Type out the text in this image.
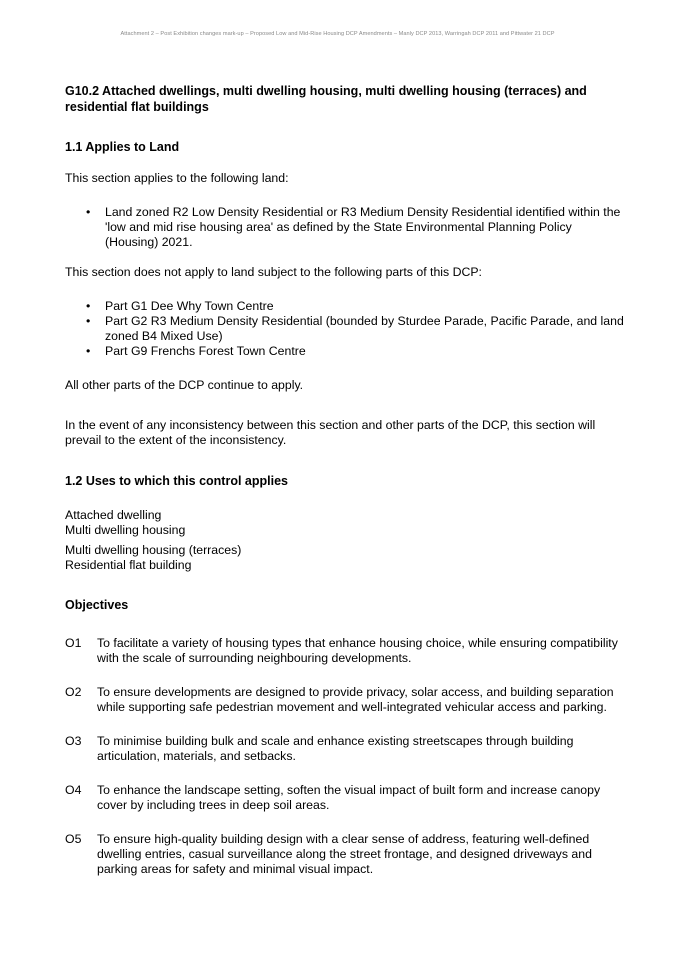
Attachment 2 – Post Exhibition changes mark-up – Proposed Low and Mid-Rise Housing DCP Amendments – Manly DCP 2013, Warringah DCP 2011 and Pittwater 21 DCP

G10.2 Attached dwellings, multi dwelling housing, multi dwelling housing (terraces) and residential flat buildings

1.1 Applies to Land

This section applies to the following land:

• Land zoned R2 Low Density Residential or R3 Medium Density Residential identified within the 'low and mid rise housing area' as defined by the State Environmental Planning Policy (Housing) 2021.

This section does not apply to land subject to the following parts of this DCP:

• Part G1 Dee Why Town Centre
• Part G2 R3 Medium Density Residential (bounded by Sturdee Parade, Pacific Parade, and land zoned B4 Mixed Use)
• Part G9 Frenchs Forest Town Centre

All other parts of the DCP continue to apply.

In the event of any inconsistency between this section and other parts of the DCP, this section will prevail to the extent of the inconsistency.

1.2 Uses to which this control applies
Attached dwelling
Multi dwelling housing
Multi dwelling housing (terraces)
Residential flat building
Objectives
O1	To facilitate a variety of housing types that enhance housing choice, while ensuring compatibility with the scale of surrounding neighbouring developments.
O2	To ensure developments are designed to provide privacy, solar access, and building separation while supporting safe pedestrian movement and well-integrated vehicular access and parking.
O3	To minimise building bulk and scale and enhance existing streetscapes through building articulation, materials, and setbacks.
O4	To enhance the landscape setting, soften the visual impact of built form and increase canopy cover by including trees in deep soil areas.
O5	To ensure high-quality building design with a clear sense of address, featuring well-defined dwelling entries, casual surveillance along the street frontage, and designed driveways and parking areas for safety and minimal visual impact.
